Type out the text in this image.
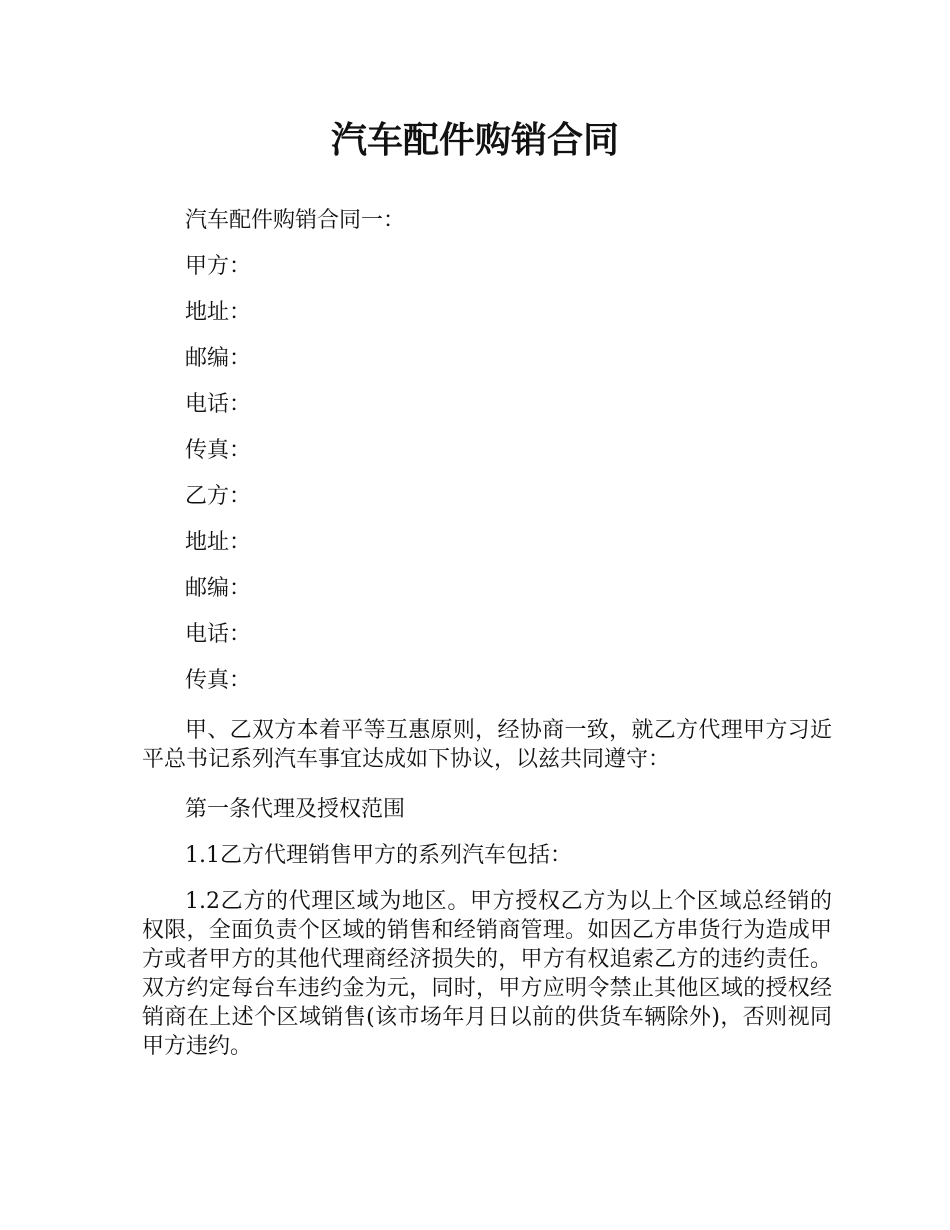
汽车配件购销合同

汽车配件购销合同一：

甲方：

地址：

邮编：

电话：

传真：

乙方：

地址：

邮编：

电话：

传真：

甲、乙双方本着平等互惠原则，经协商一致，就乙方代理甲方习近平总书记系列汽车事宜达成如下协议，以兹共同遵守：

第一条代理及授权范围

1.1乙方代理销售甲方的系列汽车包括：

1.2乙方的代理区域为地区。甲方授权乙方为以上个区域总经销的权限，全面负责个区域的销售和经销商管理。如因乙方串货行为造成甲方或者甲方的其他代理商经济损失的，甲方有权追索乙方的违约责任。双方约定每台车违约金为元，同时，甲方应明令禁止其他区域的授权经销商在上述个区域销售(该市场年月日以前的供货车辆除外)，否则视同甲方违约。
